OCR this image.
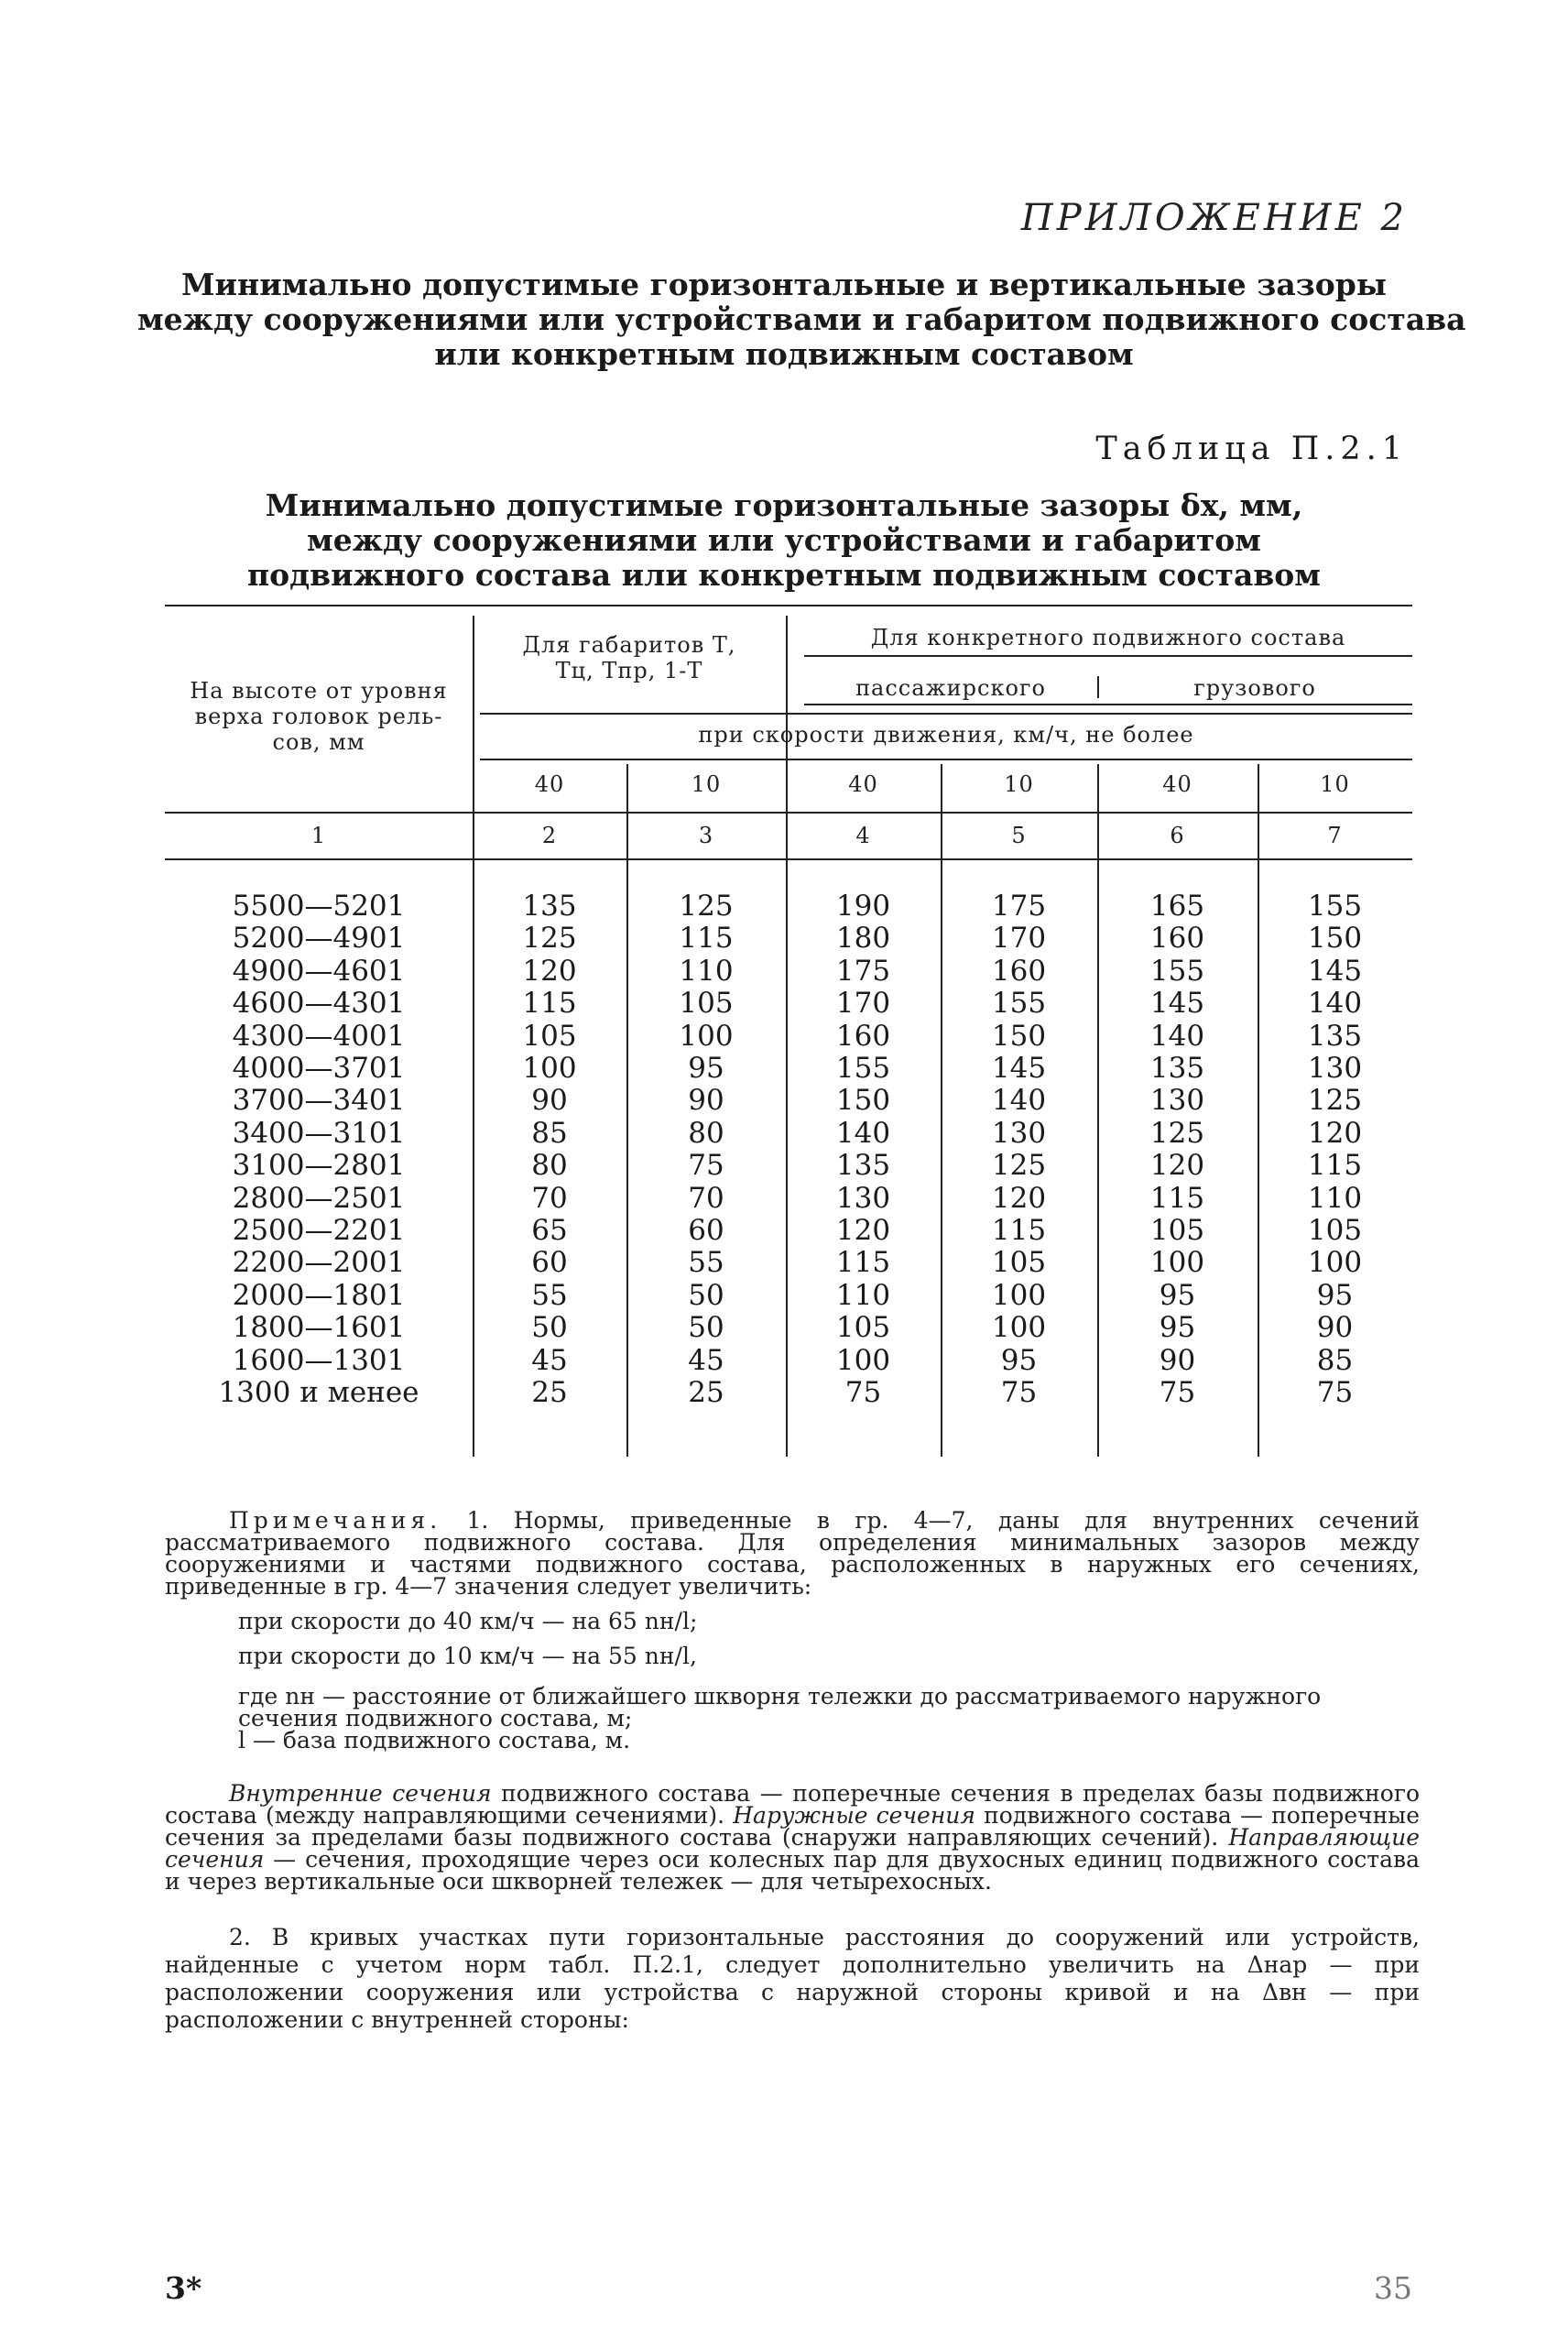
ПРИЛОЖЕНИЕ 2
Минимально допустимые горизонтальные и вертикальные зазоры
между сооружениями или устройствами и габаритом подвижного состава
или конкретным подвижным составом
Таблица П.2.1
Минимально допустимые горизонтальные зазоры δx, мм,
между сооружениями или устройствами и габаритом
подвижного состава или конкретным подвижным составом
На высоте от уровня
верха головок рель-
сов, мм
Для габаритов Т,
Тц, Тпр, 1-Т
Для конкретного подвижного состава
пассажирского	грузового
при скорости движения, км/ч, не более
40	10	40	10	40	10
1	2	3	4	5	6	7
5500—5201	135	125	190	175	165	155
5200—4901	125	115	180	170	160	150
4900—4601	120	110	175	160	155	145
4600—4301	115	105	170	155	145	140
4300—4001	105	100	160	150	140	135
4000—3701	100	95	155	145	135	130
3700—3401	90	90	150	140	130	125
3400—3101	85	80	140	130	125	120
3100—2801	80	75	135	125	120	115
2800—2501	70	70	130	120	115	110
2500—2201	65	60	120	115	105	105
2200—2001	60	55	115	105	100	100
2000—1801	55	50	110	100	95	95
1800—1601	50	50	105	100	95	90
1600—1301	45	45	100	95	90	85
1300 и менее	25	25	75	75	75	75

Примечания. 1. Нормы, приведенные в гр. 4—7, даны для внутренних сечений рассматриваемого подвижного состава. Для определения минимальных зазоров между сооружениями и частями подвижного состава, расположенных в наружных его сечениях, приведенные в гр. 4—7 значения следует увеличить:

при скорости до 40 км/ч — на 65 nн/l;
при скорости до 10 км/ч — на 55 nн/l,
где nн — расстояние от ближайшего шкворня тележки до рассматриваемого наружного сечения подвижного состава, м;
l — база подвижного состава, м.

Внутренние сечения подвижного состава — поперечные сечения в пределах базы подвижного состава (между направляющими сечениями). Наружные сечения подвижного состава — поперечные сечения за пределами базы подвижного состава (снаружи направляющих сечений). Направляющие сечения — сечения, проходящие через оси колесных пар для двухосных единиц подвижного состава и через вертикальные оси шкворней тележек — для четырехосных.

2. В кривых участках пути горизонтальные расстояния до сооружений или устройств, найденные с учетом норм табл. П.2.1, следует дополнительно увеличить на Δнар — при расположении сооружения или устройства с наружной стороны кривой и на Δвн — при расположении с внутренней стороны:

3*	35
